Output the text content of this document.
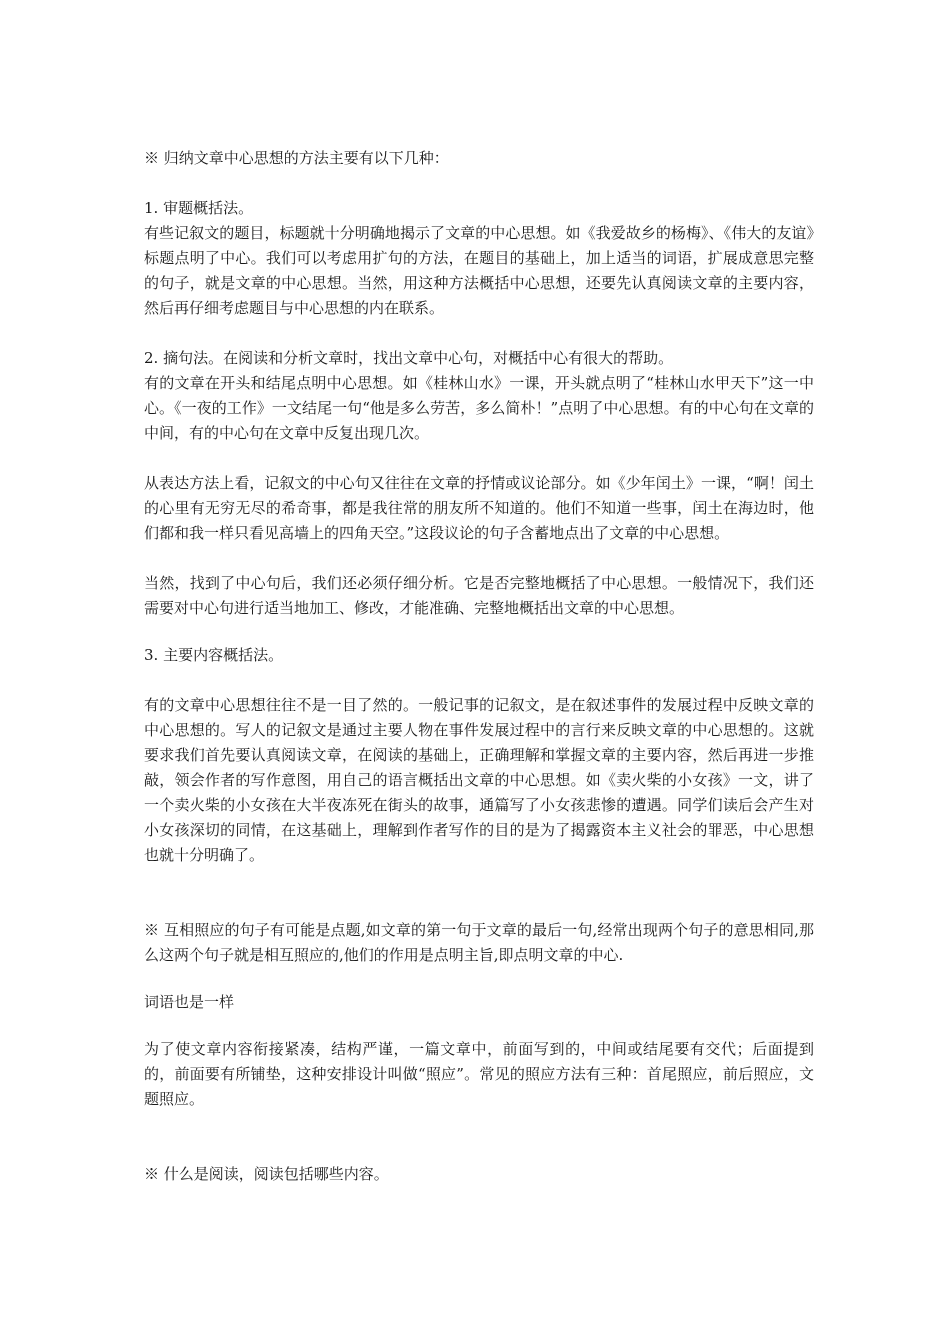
※ 归纳文章中心思想的方法主要有以下几种：

1. 审题概括法。

有些记叙文的题目，标题就十分明确地揭示了文章的中心思想。如《我爱故乡的杨梅》、《伟大的友谊》标题点明了中心。我们可以考虑用扩句的方法，在题目的基础上，加上适当的词语，扩展成意思完整的句子，就是文章的中心思想。当然，用这种方法概括中心思想，还要先认真阅读文章的主要内容，然后再仔细考虑题目与中心思想的内在联系。

2. 摘句法。在阅读和分析文章时，找出文章中心句，对概括中心有很大的帮助。

有的文章在开头和结尾点明中心思想。如《桂林山水》一课，开头就点明了“桂林山水甲天下”这一中心。《一夜的工作》一文结尾一句“他是多么劳苦，多么简朴！”点明了中心思想。有的中心句在文章的中间，有的中心句在文章中反复出现几次。

从表达方法上看，记叙文的中心句又往往在文章的抒情或议论部分。如《少年闰土》一课，“啊！闰土的心里有无穷无尽的希奇事，都是我往常的朋友所不知道的。他们不知道一些事，闰土在海边时，他们都和我一样只看见高墙上的四角天空。”这段议论的句子含蓄地点出了文章的中心思想。

当然，找到了中心句后，我们还必须仔细分析。它是否完整地概括了中心思想。一般情况下，我们还需要对中心句进行适当地加工、修改，才能准确、完整地概括出文章的中心思想。

3. 主要内容概括法。

有的文章中心思想往往不是一目了然的。一般记事的记叙文，是在叙述事件的发展过程中反映文章的中心思想的。写人的记叙文是通过主要人物在事件发展过程中的言行来反映文章的中心思想的。这就要求我们首先要认真阅读文章，在阅读的基础上，正确理解和掌握文章的主要内容，然后再进一步推敲，领会作者的写作意图，用自己的语言概括出文章的中心思想。如《卖火柴的小女孩》一文，讲了一个卖火柴的小女孩在大半夜冻死在街头的故事，通篇写了小女孩悲惨的遭遇。同学们读后会产生对小女孩深切的同情，在这基础上，理解到作者写作的目的是为了揭露资本主义社会的罪恶，中心思想也就十分明确了。

※ 互相照应的句子有可能是点题,如文章的第一句于文章的最后一句,经常出现两个句子的意思相同,那么这两个句子就是相互照应的,他们的作用是点明主旨,即点明文章的中心.

词语也是一样

为了使文章内容衔接紧凑，结构严谨，一篇文章中，前面写到的，中间或结尾要有交代；后面提到的，前面要有所铺垫，这种安排设计叫做“照应”。常见的照应方法有三种：首尾照应，前后照应，文题照应。

※ 什么是阅读，阅读包括哪些内容。
